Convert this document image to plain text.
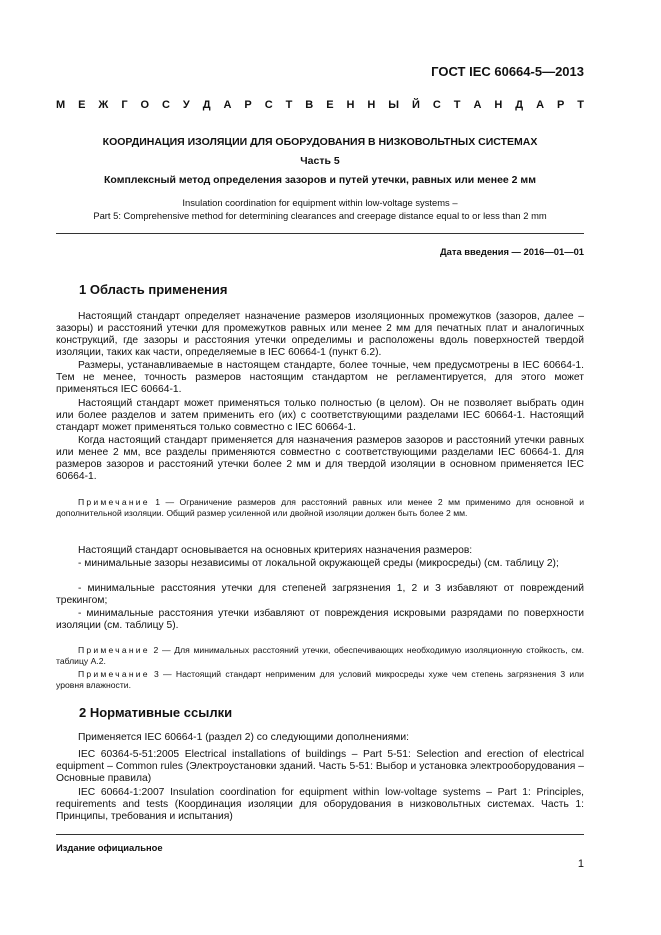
ГОСТ IEC 60664-5—2013
М Е Ж Г О С У Д А Р С Т В Е Н Н Ы Й С Т А Н Д А Р Т
КООРДИНАЦИЯ ИЗОЛЯЦИИ ДЛЯ ОБОРУДОВАНИЯ В НИЗКОВОЛЬТНЫХ СИСТЕМАХ
Часть 5
Комплексный метод определения зазоров и путей утечки, равных или менее 2 мм
Insulation coordination for equipment within low-voltage systems –
Part 5: Comprehensive method for determining clearances and creepage distance equal to or less than 2 mm
Дата введения — 2016—01—01
1 Область применения

Настоящий стандарт определяет назначение размеров изоляционных промежутков (зазоров, далее – зазоры) и расстояний утечки для промежутков равных или менее 2 мм для печатных плат и аналогичных конструкций, где зазоры и расстояния утечки определимы и расположены вдоль поверхностей твердой изоляции, таких как части, определяемые в IEC 60664-1 (пункт 6.2).

Размеры, устанавливаемые в настоящем стандарте, более точные, чем предусмотрены в IEC 60664-1. Тем не менее, точность размеров настоящим стандартом не регламентируется, для этого может применяться IEC 60664-1.

Настоящий стандарт может применяться только полностью (в целом). Он не позволяет выбрать один или более разделов и затем применить его (их) с соответствующими разделами IEC 60664-1. Настоящий стандарт может применяться только совместно с IEC 60664-1.

Когда настоящий стандарт применяется для назначения размеров зазоров и расстояний утечки равных или менее 2 мм, все разделы применяются совместно с соответствующими разделами IEC 60664-1. Для размеров зазоров и расстояний утечки более 2 мм и для твердой изоляции в основном применяется IEC 60664-1.

Примечание 1 — Ограничение размеров для расстояний равных или менее 2 мм применимо для основной и дополнительной изоляции. Общий размер усиленной или двойной изоляции должен быть более 2 мм.

Настоящий стандарт основывается на основных критериях назначения размеров:

- минимальные зазоры независимы от локальной окружающей среды (микросреды) (см. таблицу 2);

- минимальные расстояния утечки для степеней загрязнения 1, 2 и 3 избавляют от повреждений трекингом;

- минимальные расстояния утечки избавляют от повреждения искровыми разрядами по поверхности изоляции (см. таблицу 5).

Примечание 2 — Для минимальных расстояний утечки, обеспечивающих необходимую изоляционную стойкость, см. таблицу А.2.

Примечание 3 — Настоящий стандарт неприменим для условий микросреды хуже чем степень загрязнения 3 или уровня влажности.

2 Нормативные ссылки

Применяется IEC 60664-1 (раздел 2) со следующими дополнениями:

IEC 60364-5-51:2005 Electrical installations of buildings – Part 5-51: Selection and erection of electrical equipment – Common rules (Электроустановки зданий. Часть 5-51: Выбор и установка электрооборудования – Основные правила)

IEC 60664-1:2007 Insulation coordination for equipment within low-voltage systems – Part 1: Principles, requirements and tests (Координация изоляции для оборудования в низковольтных системах. Часть 1: Принципы, требования и испытания)

Издание официальное
1
